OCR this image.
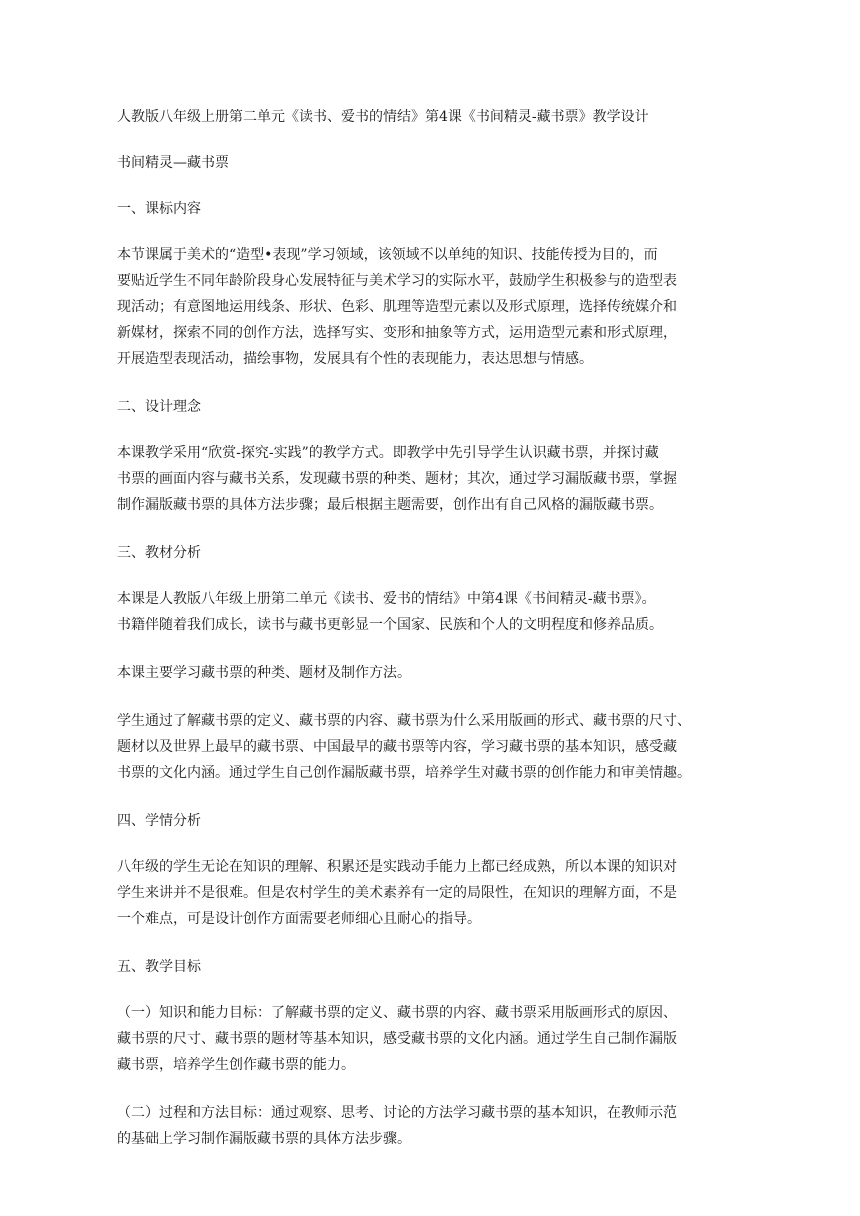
人教版八年级上册第二单元《读书、爱书的情结》第4课《书间精灵-藏书票》教学设计

书间精灵—藏书票

一、课标内容

本节课属于美术的“造型•表现”学习领域，该领域不以单纯的知识、技能传授为目的，而

要贴近学生不同年龄阶段身心发展特征与美术学习的实际水平，鼓励学生积极参与的造型表

现活动；有意图地运用线条、形状、色彩、肌理等造型元素以及形式原理，选择传统媒介和

新媒材，探索不同的创作方法，选择写实、变形和抽象等方式，运用造型元素和形式原理，

开展造型表现活动，描绘事物，发展具有个性的表现能力，表达思想与情感。

二、设计理念

本课教学采用“欣赏-探究-实践”的教学方式。即教学中先引导学生认识藏书票，并探讨藏

书票的画面内容与藏书关系，发现藏书票的种类、题材；其次，通过学习漏版藏书票，掌握

制作漏版藏书票的具体方法步骤；最后根据主题需要，创作出有自己风格的漏版藏书票。

三、教材分析

本课是人教版八年级上册第二单元《读书、爱书的情结》中第4课《书间精灵-藏书票》。

书籍伴随着我们成长，读书与藏书更彰显一个国家、民族和个人的文明程度和修养品质。

本课主要学习藏书票的种类、题材及制作方法。

学生通过了解藏书票的定义、藏书票的内容、藏书票为什么采用版画的形式、藏书票的尺寸、

题材以及世界上最早的藏书票、中国最早的藏书票等内容，学习藏书票的基本知识，感受藏

书票的文化内涵。通过学生自己创作漏版藏书票，培养学生对藏书票的创作能力和审美情趣。

四、学情分析

八年级的学生无论在知识的理解、积累还是实践动手能力上都已经成熟，所以本课的知识对

学生来讲并不是很难。但是农村学生的美术素养有一定的局限性，在知识的理解方面，不是

一个难点，可是设计创作方面需要老师细心且耐心的指导。

五、教学目标

（一）知识和能力目标：了解藏书票的定义、藏书票的内容、藏书票采用版画形式的原因、

藏书票的尺寸、藏书票的题材等基本知识，感受藏书票的文化内涵。通过学生自己制作漏版

藏书票，培养学生创作藏书票的能力。

（二）过程和方法目标：通过观察、思考、讨论的方法学习藏书票的基本知识，在教师示范

的基础上学习制作漏版藏书票的具体方法步骤。
